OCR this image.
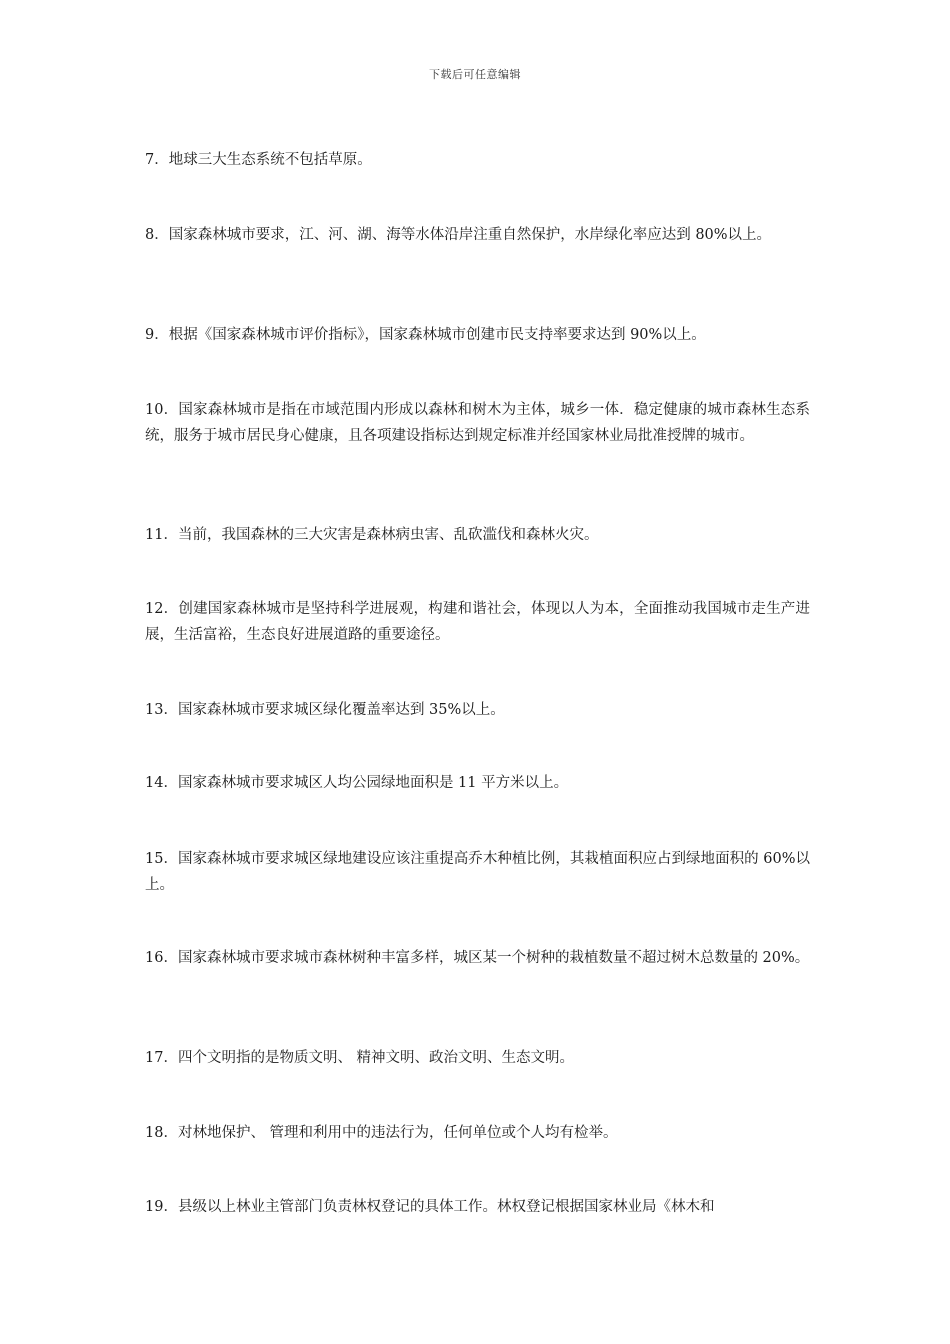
下载后可任意编辑

7．地球三大生态系统不包括草原。

8．国家森林城市要求，江、河、湖、海等水体沿岸注重自然保护，水岸绿化率应达到 80%以上。

9．根据《国家森林城市评价指标》，国家森林城市创建市民支持率要求达到 90%以上。

10．国家森林城市是指在市域范围内形成以森林和树木为主体，城乡一体．稳定健康的城市森林生态系统，服务于城市居民身心健康，且各项建设指标达到规定标准并经国家林业局批准授牌的城市。

11．当前，我国森林的三大灾害是森林病虫害、乱砍滥伐和森林火灾。

12．创建国家森林城市是坚持科学进展观，构建和谐社会，体现以人为本，全面推动我国城市走生产进展，生活富裕，生态良好进展道路的重要途径。

13．国家森林城市要求城区绿化覆盖率达到 35%以上。

14．国家森林城市要求城区人均公园绿地面积是 11 平方米以上。

15．国家森林城市要求城区绿地建设应该注重提高乔木种植比例，其栽植面积应占到绿地面积的 60%以上。

16．国家森林城市要求城市森林树种丰富多样，城区某一个树种的栽植数量不超过树木总数量的 20%。

17．四个文明指的是物质文明、 精神文明、政治文明、生态文明。

18．对林地保护、 管理和利用中的违法行为，任何单位或个人均有检举。

19．县级以上林业主管部门负责林权登记的具体工作。林权登记根据国家林业局《林木和
